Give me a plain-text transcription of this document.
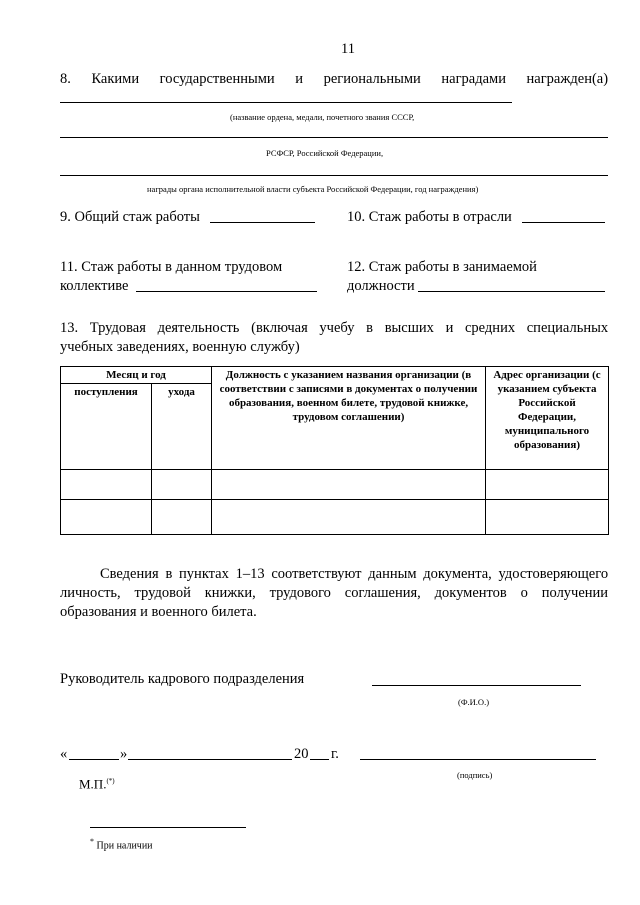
11
8. Какими государственными и региональными наградами награжден(а)
(название ордена, медали, почетного звания СССР,
РСФСР, Российской Федерации,
награды органа исполнительной власти субъекта Российской Федерации, год награждения)
9. Общий стаж работы	10. Стаж работы в отрасли
11. Стаж работы в данном трудовом
коллективе
12. Стаж работы в занимаемой
должности
13. Трудовая деятельность (включая учебу в высших и средних специальных
учебных заведениях, военную службу)
Месяц и год		Должность с указанием названия организации (в соответствии с записями в документах о получении образования, военном билете, трудовой книжке, трудовом соглашении)	Адрес организации (с указанием субъекта Российской Федерации, муниципального образования)
поступления	ухода		

Сведения в пунктах 1–13 соответствуют данным документа, удостоверяющего
личность, трудовой книжки, трудового соглашения, документов о получении
образования и военного билета.
Руководитель кадрового подразделения
(Ф.И.О.)
«	»	20 г.
(подпись)
М.П.(*)
* При наличии
